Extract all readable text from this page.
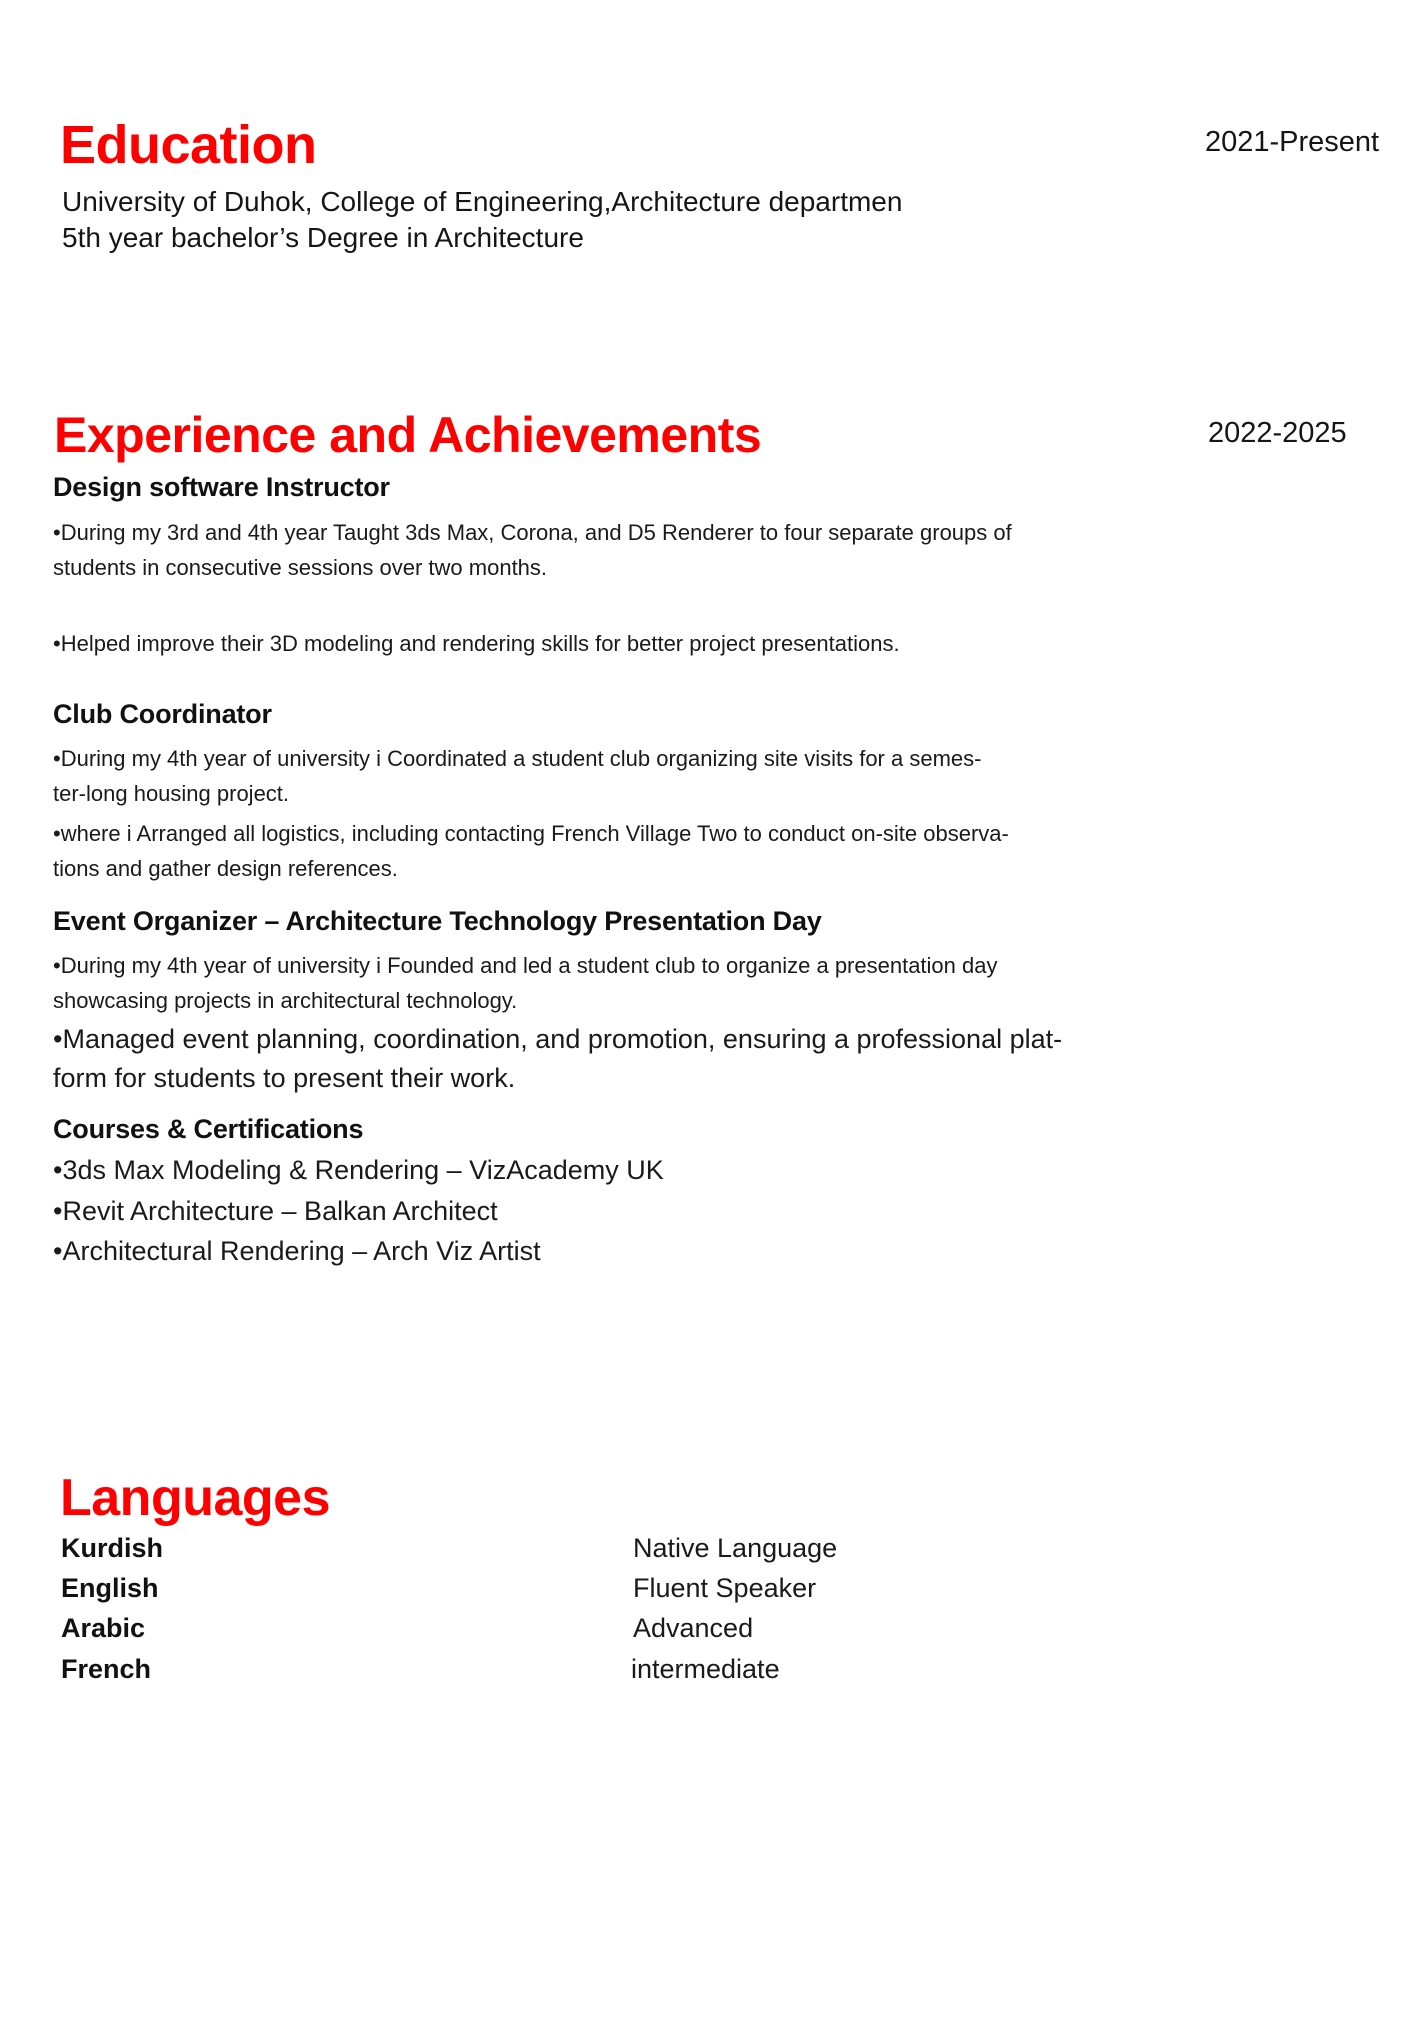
Education	2021-Present
University of Duhok, College of Engineering,Architecture departmen
5th year bachelor’s Degree in Architecture
Experience and Achievements	2022-2025
Design software Instructor
•During my 3rd and 4th year Taught 3ds Max, Corona, and D5 Renderer to four separate groups of
students in consecutive sessions over two months.
•Helped improve their 3D modeling and rendering skills for better project presentations.
Club Coordinator
•During my 4th year of university i Coordinated a student club organizing site visits for a semes-
ter-long housing project.
•where i Arranged all logistics, including contacting French Village Two to conduct on-site observa-
tions and gather design references.
Event Organizer – Architecture Technology Presentation Day
•During my 4th year of university i Founded and led a student club to organize a presentation day
showcasing projects in architectural technology.
•Managed event planning, coordination, and promotion, ensuring a professional plat-
form for students to present their work.
Courses & Certifications
•3ds Max Modeling & Rendering – VizAcademy UK
•Revit Architecture – Balkan Architect
•Architectural Rendering – Arch Viz Artist
Languages
Kurdish	Native Language
English	Fluent Speaker
Arabic	Advanced
French	intermediate
